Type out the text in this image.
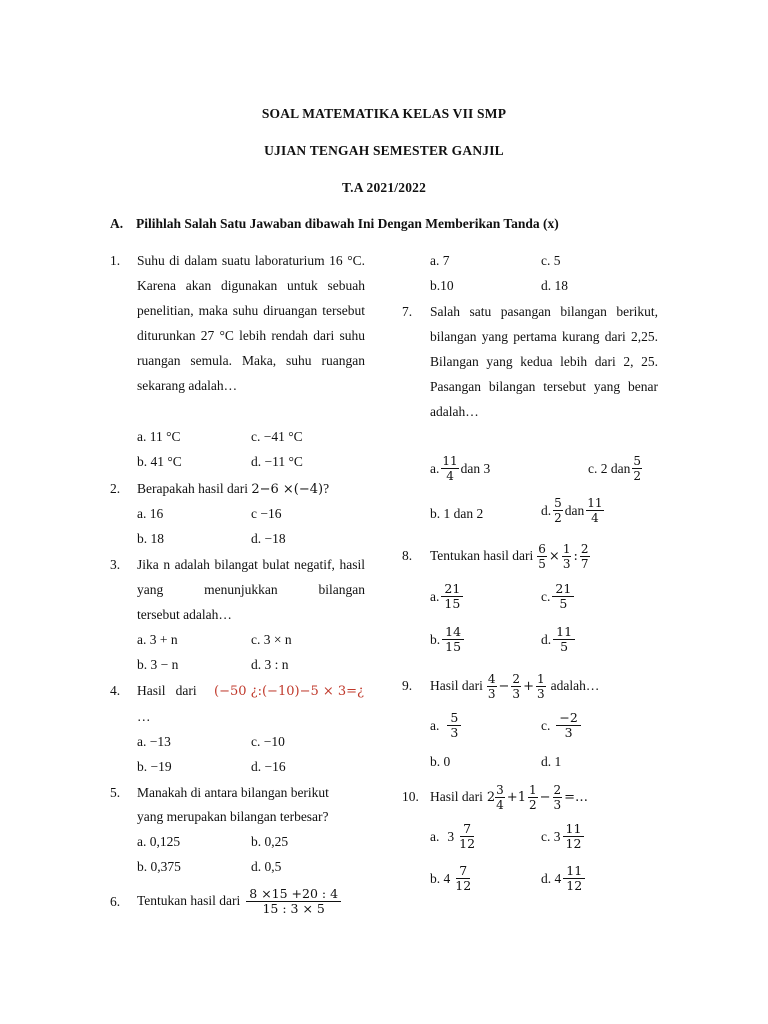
SOAL MATEMATIKA KELAS VII SMP
UJIAN TENGAH SEMESTER GANJIL
T.A 2021/2022
A. Pilihlah Salah Satu Jawaban dibawah Ini Dengan Memberikan Tanda (x)
1. Suhu di dalam suatu laboraturium 16 °C. Karena akan digunakan untuk sebuah penelitian, maka suhu diruangan tersebut diturunkan 27 °C lebih rendah dari suhu ruangan semula. Maka, suhu ruangan
sekarang adalah…
a. 11 °C	c. −41 °C
b. 41 °C	d. −11 °C
2. Berapakah hasil dari 2−6 ×(−4)?
a. 16	c −16
b. 18	d. −18
3. Jika n adalah bilangat bulat negatif, hasil yang menunjukkan bilangan
tersebut adalah…
a. 3 + n	c. 3 × n
b. 3 − n	d. 3 : n
4. Hasil   dari (−50 ¿:(−10)−5 × 3=¿
…
a. −13	c. −10
b. −19	d. −16
5. Manakah di antara bilangan berikut
yang merupakan bilangan terbesar?
a. 0,125	b. 0,25
b. 0,375	d. 0,5
6. Tentukan hasil dari $\frac{8 \times 15 +20 : 4}{15 : 3 \times 5}$
a. 7	c. 5
b.10	d. 18
7. Salah satu pasangan bilangan berikut, bilangan yang pertama kurang dari 2,25. Bilangan yang kedua lebih dari 2, 25. Pasangan bilangan tersebut yang benar
adalah…
a. $\frac{11}{4}$ dan 3	c. 2 dan $\frac{5}{2}$
b. 1 dan 2	d. $\frac{5}{2}$ dan $\frac{11}{4}$
8. Tentukan hasil dari $\frac{6}{5} \times \frac{1}{3}$ : $\frac{2}{7}$
a. $\frac{21}{15}$	c. $\frac{21}{5}$
b. $\frac{14}{15}$	d. $\frac{11}{5}$
9. Hasil dari $\frac{4}{3} - \frac{2}{3} + \frac{1}{3}$ adalah…
a. $\frac{5}{3}$	c. $\frac{-2}{3}$
b. 0	d. 1
10. Hasil dari $2 \frac{3}{4} +1 \frac{1}{2} - \frac{2}{3}$ =…
a. $3 \frac{7}{12}$	c. $3 \frac{11}{12}$
b. $4 \frac{7}{12}$	d. $4 \frac{11}{12}$
